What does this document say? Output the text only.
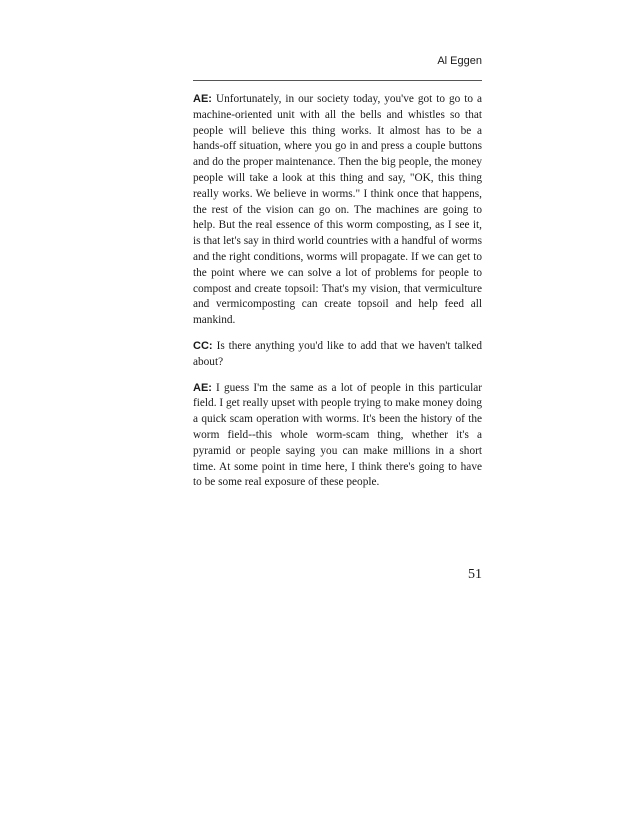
Al Eggen

AE: Unfortunately, in our society today, you've got to go to a machine-oriented unit with all the bells and whistles so that people will believe this thing works. It almost has to be a hands-off situation, where you go in and press a couple buttons and do the proper maintenance. Then the big people, the money people will take a look at this thing and say, "OK, this thing really works. We believe in worms." I think once that happens, the rest of the vision can go on. The machines are going to help. But the real essence of this worm composting, as I see it, is that let's say in third world countries with a handful of worms and the right conditions, worms will propagate. If we can get to the point where we can solve a lot of problems for people to compost and create topsoil: That's my vision, that vermiculture and vermicomposting can create topsoil and help feed all mankind.

CC: Is there anything you'd like to add that we haven't talked about?

AE: I guess I'm the same as a lot of people in this particular field. I get really upset with people trying to make money doing a quick scam operation with worms. It's been the history of the worm field--this whole worm-scam thing, whether it's a pyramid or people saying you can make millions in a short time. At some point in time here, I think there's going to have to be some real exposure of these people.

51
